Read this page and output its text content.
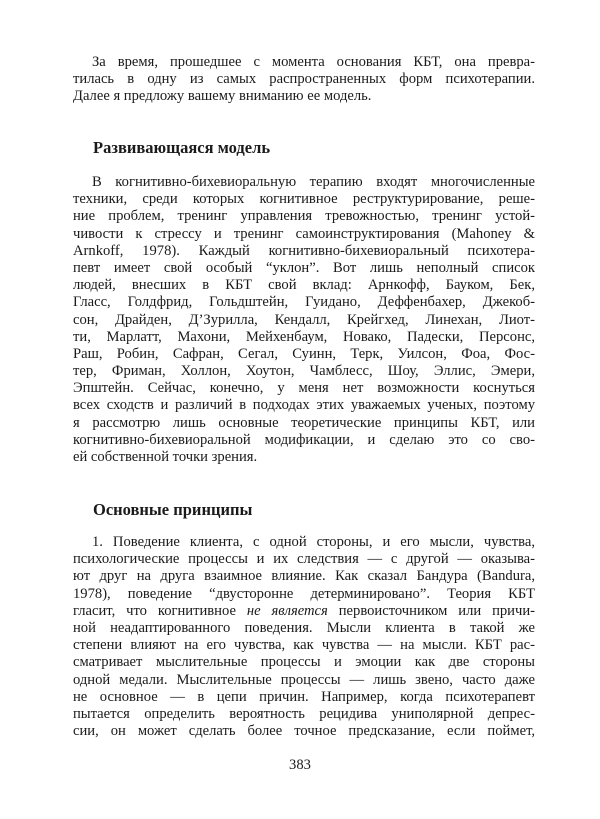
За время, прошедшее с момента основания КБТ, она превра-
тилась в одну из самых распространенных форм психотерапии.
Далее я предложу вашему вниманию ее модель.
Развивающаяся модель
В когнитивно-бихевиоральную терапию входят многочисленные
техники, среди которых когнитивное реструктурирование, реше-
ние проблем, тренинг управления тревожностью, тренинг устой-
чивости к стрессу и тренинг самоинструктирования (Mahoney &
Arnkoff, 1978). Каждый когнитивно-бихевиоральный психотера-
певт имеет свой особый “уклон”. Вот лишь неполный список
людей, внесших в КБТ свой вклад: Арнкофф, Бауком, Бек,
Гласс, Голдфрид, Гольдштейн, Гуидано, Деффенбахер, Джекоб-
сон, Драйден, Д’Зурилла, Кендалл, Крейгхед, Линехан, Лиот-
ти, Марлатт, Махони, Мейхенбаум, Новако, Падески, Персонс,
Раш, Робин, Сафран, Сегал, Суинн, Терк, Уилсон, Фоа, Фос-
тер, Фриман, Холлон, Хоутон, Чамблесс, Шоу, Эллис, Эмери,
Эпштейн. Сейчас, конечно, у меня нет возможности коснуться
всех сходств и различий в подходах этих уважаемых ученых, поэтому
я рассмотрю лишь основные теоретические принципы КБТ, или
когнитивно-бихевиоральной модификации, и сделаю это со сво-
ей собственной точки зрения.
Основные принципы
1. Поведение клиента, с одной стороны, и его мысли, чувства,
психологические процессы и их следствия — с другой — оказыва-
ют друг на друга взаимное влияние. Как сказал Бандура (Bandura,
1978), поведение “двусторонне детерминировано”. Теория КБТ
гласит, что когнитивное не является первоисточником или причи-
ной неадаптированного поведения. Мысли клиента в такой же
степени влияют на его чувства, как чувства — на мысли. КБТ рас-
сматривает мыслительные процессы и эмоции как две стороны
одной медали. Мыслительные процессы — лишь звено, часто даже
не основное — в цепи причин. Например, когда психотерапевт
пытается определить вероятность рецидива униполярной депрес-
сии, он может сделать более точное предсказание, если поймет,
383
